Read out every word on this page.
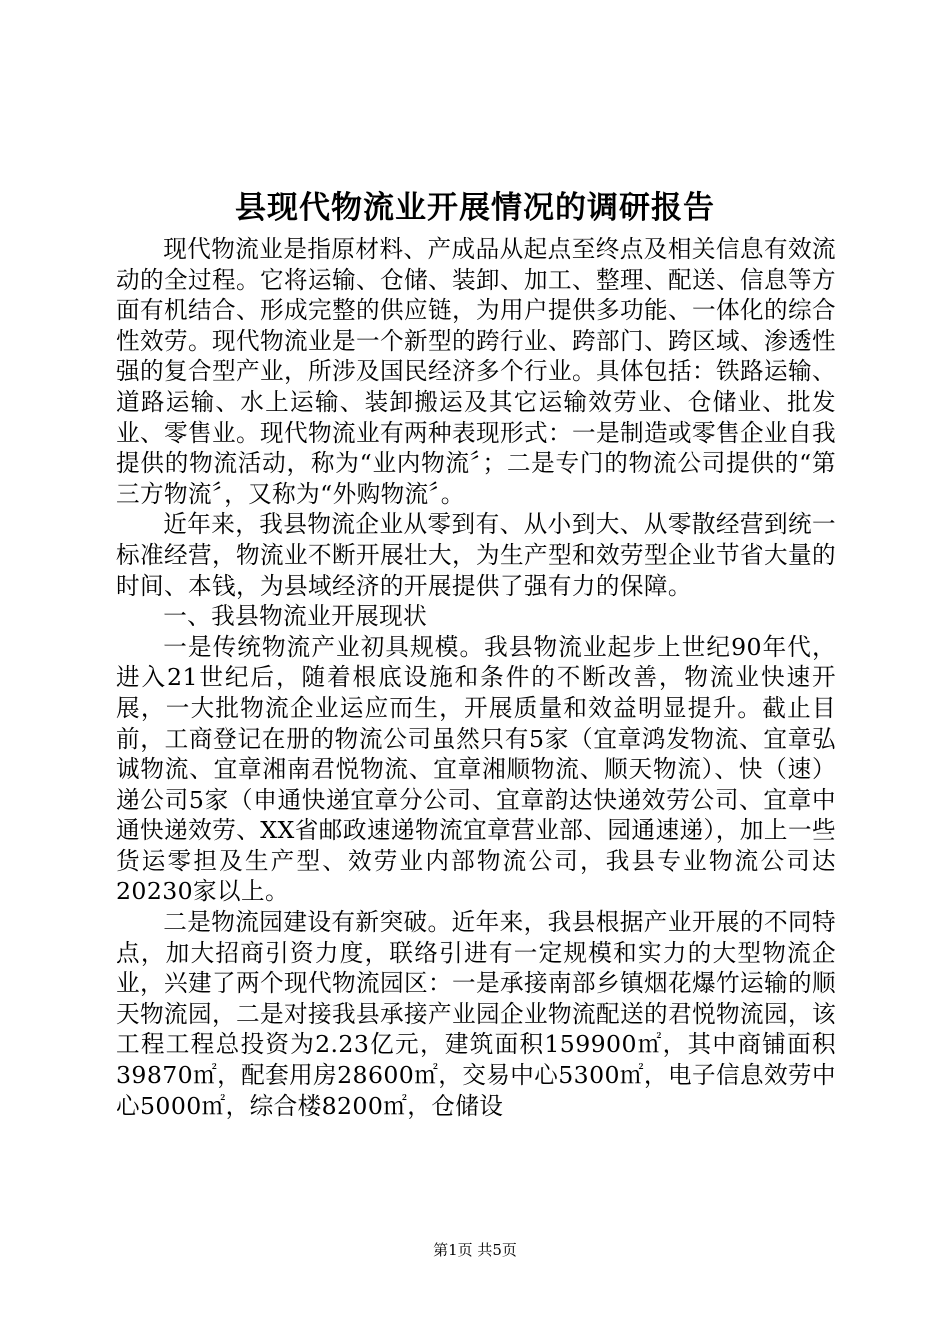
县现代物流业开展情况的调研报告

现代物流业是指原材料、产成品从起点至终点及相关信息有效流动的全过程。它将运输、仓储、装卸、加工、整理、配送、信息等方面有机结合、形成完整的供应链，为用户提供多功能、一体化的综合性效劳。现代物流业是一个新型的跨行业、跨部门、跨区域、渗透性强的复合型产业，所涉及国民经济多个行业。具体包括：铁路运输、道路运输、水上运输、装卸搬运及其它运输效劳业、仓储业、批发业、零售业。现代物流业有两种表现形式：一是制造或零售企业自我提供的物流活动，称为“业内物流〞；二是专门的物流公司提供的“第三方物流〞，又称为“外购物流〞。

近年来，我县物流企业从零到有、从小到大、从零散经营到统一标准经营，物流业不断开展壮大，为生产型和效劳型企业节省大量的时间、本钱，为县域经济的开展提供了强有力的保障。

一、我县物流业开展现状

一是传统物流产业初具规模。我县物流业起步上世纪90年代，进入21世纪后，随着根底设施和条件的不断改善，物流业快速开展，一大批物流企业运应而生，开展质量和效益明显提升。截止目前，工商登记在册的物流公司虽然只有5家（宜章鸿发物流、宜章弘诚物流、宜章湘南君悦物流、宜章湘顺物流、顺天物流）、快（速）递公司5家（申通快递宜章分公司、宜章韵达快递效劳公司、宜章中通快递效劳、XX省邮政速递物流宜章营业部、园通速递），加上一些货运零担及生产型、效劳业内部物流公司，我县专业物流公司达20230家以上。

二是物流园建设有新突破。近年来，我县根据产业开展的不同特点，加大招商引资力度，联络引进有一定规模和实力的大型物流企业，兴建了两个现代物流园区：一是承接南部乡镇烟花爆竹运输的顺天物流园，二是对接我县承接产业园企业物流配送的君悦物流园，该工程工程总投资为2.23亿元，建筑面积159900㎡，其中商铺面积39870㎡，配套用房28600㎡，交易中心5300㎡，电子信息效劳中心5000㎡，综合楼8200㎡，仓储设

第1页 共5页
